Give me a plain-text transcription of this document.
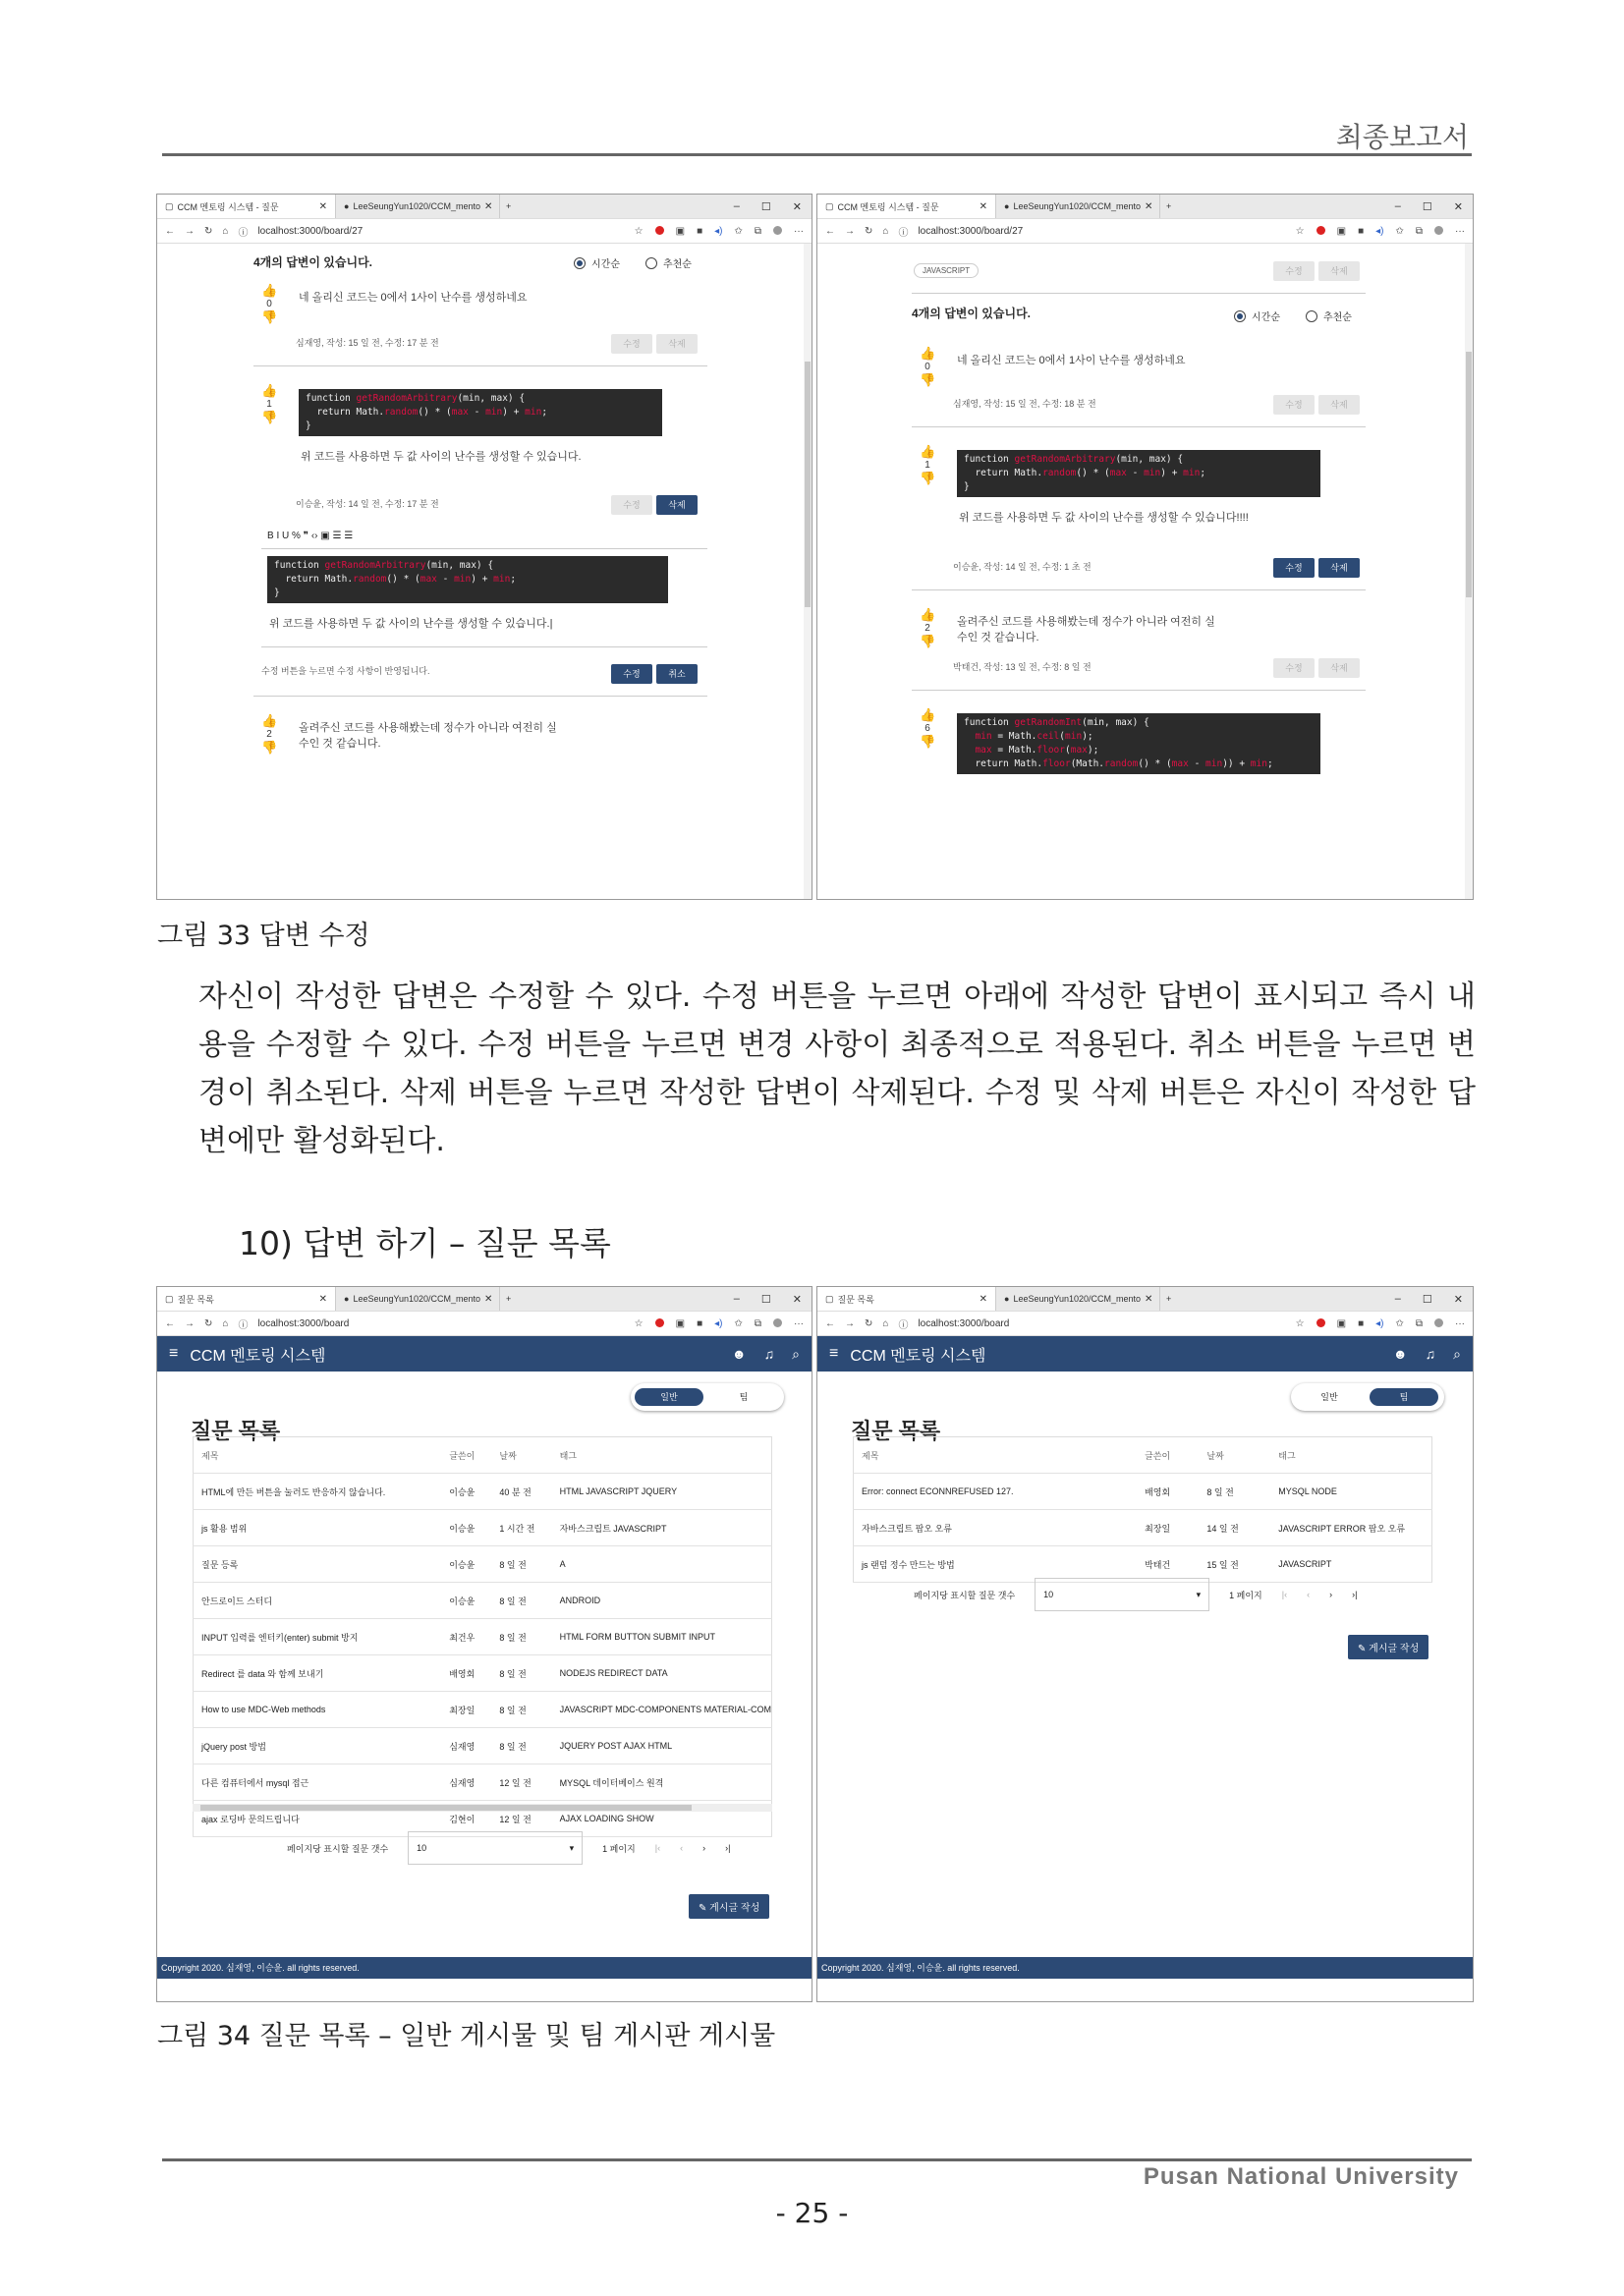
최종보고서
▢ CCM 멘토링 시스템 - 질문	✕ ● LeeSeungYun1020/CCM_mento ✕	+	– ☐ ✕
← → ↻ ⌂ ⓘ localhost:3000/board/27	☆	▣ ■ ◂) ✩ ⧉	···
4개의 답변이 있습니다.	시간순	추천순
👍
0
👎
네 올리신 코드는 0에서 1사이 난수를 생성하네요
심재영, 작성: 15 일 전, 수정: 17 분 전	수정	삭제
👍
1
👎
function getRandomArbitrary(min, max) {
return Math.random() * (max - min) + min;
}
위 코드를 사용하면 두 값 사이의 난수를 생성할 수 있습니다.
이승윤, 작성: 14 일 전, 수정: 17 분 전	수정	삭제
B I U % ❞ ‹› ▣ ☰ ☰
function getRandomArbitrary(min, max) {
return Math.random() * (max - min) + min;
}
위 코드를 사용하면 두 값 사이의 난수를 생성할 수 있습니다.|
수정 버튼을 누르면 수정 사항이 반영됩니다.	수정	취소
👍
2
👎
올려주신 코드를 사용해봤는데 정수가 아니라 여전히 실수인 것 같습니다.
▢ CCM 멘토링 시스템 - 질문	✕ ● LeeSeungYun1020/CCM_mento ✕	+	– ☐ ✕
← → ↻ ⌂ ⓘ localhost:3000/board/27	☆	▣ ■ ◂) ✩ ⧉	···
JAVASCRIPT	수정	삭제
4개의 답변이 있습니다.	시간순	추천순
👍
0
👎
네 올리신 코드는 0에서 1사이 난수를 생성하네요
심재영, 작성: 15 일 전, 수정: 18 분 전	수정	삭제
👍
1
👎
function getRandomArbitrary(min, max) {
return Math.random() * (max - min) + min;
}
위 코드를 사용하면 두 값 사이의 난수를 생성할 수 있습니다!!!!
이승윤, 작성: 14 일 전, 수정: 1 초 전	수정	삭제
👍
2
👎
올려주신 코드를 사용해봤는데 정수가 아니라 여전히 실수인 것 같습니다.
박태건, 작성: 13 일 전, 수정: 8 일 전	수정	삭제
👍
6
👎
function getRandomInt(min, max) {
min = Math.ceil(min);
max = Math.floor(max);
return Math.floor(Math.random() * (max - min)) + min;
그림 33 답변 수정
자신이 작성한 답변은 수정할 수 있다. 수정 버튼을 누르면 아래에 작성한 답변이 표시되고 즉시 내용을 수정할 수 있다. 수정 버튼을 누르면 변경 사항이 최종적으로 적용된다. 취소 버튼을 누르면 변경이 취소된다. 삭제 버튼을 누르면 작성한 답변이 삭제된다. 수정 및 삭제 버튼은 자신이 작성한 답변에만 활성화된다.
10) 답변 하기 – 질문 목록
▢ 질문 목록	✕ ● LeeSeungYun1020/CCM_mento ✕	+	– ☐ ✕
← → ↻ ⌂ ⓘ localhost:3000/board	☆	▣ ■ ◂) ✩ ⧉	···
≡ CCM 멘토링 시스템	☻ ♫ ⌕
질문 목록
일반	팀
제목	글쓴이	날짜	태그
HTML에 만든 버튼을 눌러도 반응하지 않습니다.	이승윤	40 분 전	HTML JAVASCRIPT JQUERY
js 활용 범위	이승윤	1 시간 전	자바스크립트 JAVASCRIPT
질문 등록	이승윤	8 일 전	A
안드로이드 스터디	이승윤	8 일 전	ANDROID
INPUT 입력를 엔터키(enter) submit 방지	최건우	8 일 전	HTML FORM BUTTON SUBMIT INPUT
Redirect 를 data 와 함께 보내기	배영회	8 일 전	NODEJS REDIRECT DATA
How to use MDC-Web methods	최장일	8 일 전	JAVASCRIPT MDC-COMPONENTS MATERIAL-COM
jQuery post 방법	심재영	8 일 전	JQUERY POST AJAX HTML
다른 컴퓨터에서 mysql 접근	심재영	12 일 전	MYSQL 데이터베이스 원격
ajax 로딩바 문의드립니다	김현이	12 일 전	AJAX LOADING SHOW
페이지당 표시할 질문 갯수	10	▾	1 페이지 |‹ ‹ › ›|
✎ 게시글 작성
Copyright 2020. 심재영, 이승윤. all rights reserved.
▢ 질문 목록	✕ ● LeeSeungYun1020/CCM_mento ✕	+	– ☐ ✕
← → ↻ ⌂ ⓘ localhost:3000/board	☆	▣ ■ ◂) ✩ ⧉	···
≡ CCM 멘토링 시스템	☻ ♫ ⌕
질문 목록
일반	팀
제목	글쓴이	날짜	태그
Error: connect ECONNREFUSED 127.	배영회	8 일 전	MYSQL NODE
자바스크립트 팝오 오류	최장일	14 일 전	JAVASCRIPT ERROR 팝오 오류
js 랜덤 정수 만드는 방법	박태건	15 일 전	JAVASCRIPT
페이지당 표시할 질문 갯수	10	▾	1 페이지 |‹ ‹ › ›|
✎ 게시글 작성
Copyright 2020. 심재영, 이승윤. all rights reserved.
그림 34 질문 목록 – 일반 게시물 및 팀 게시판 게시물
Pusan National University
- 25 -
